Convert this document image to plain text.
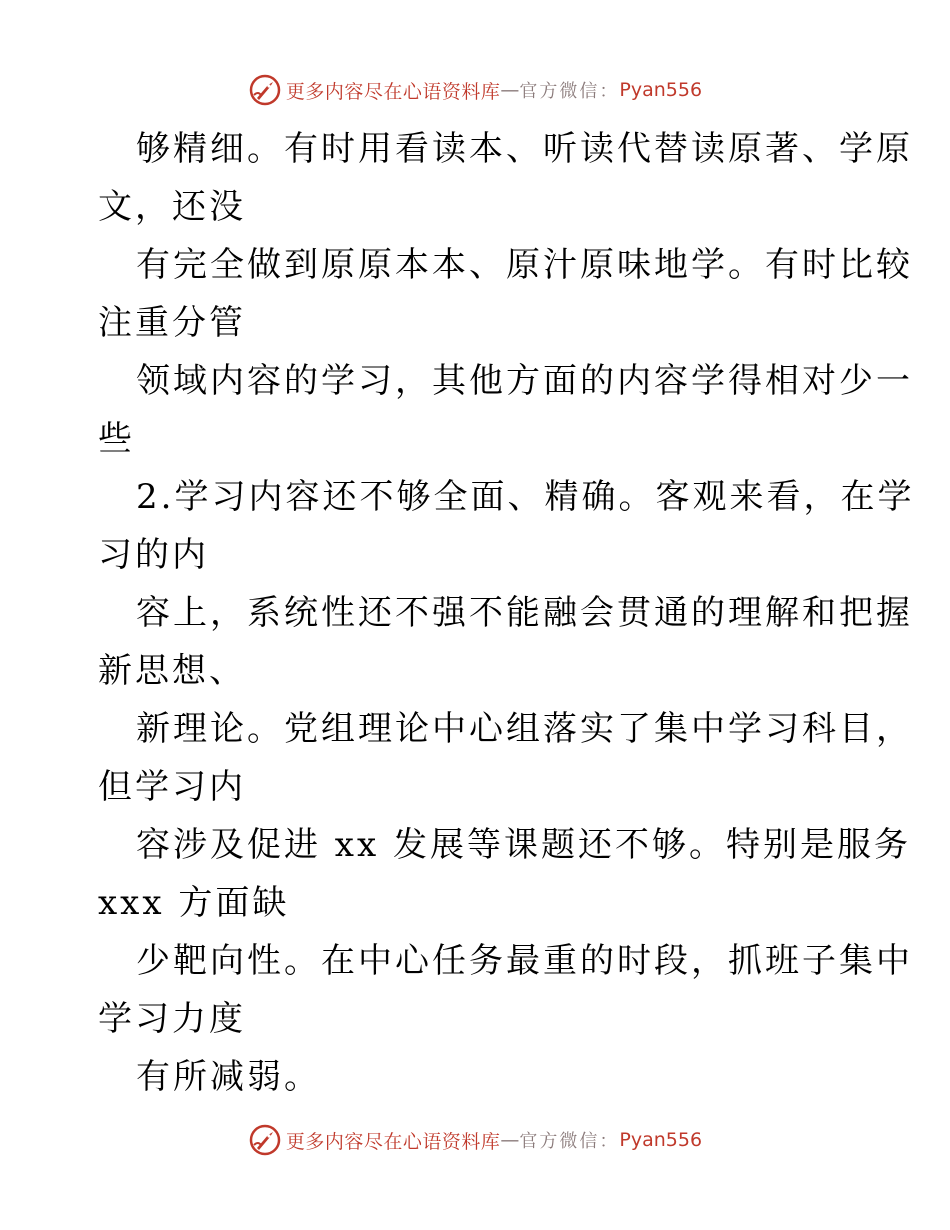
更多内容尽在心语资料库 — 官方微信： Pyan556
够精细。有时用看读本、听读代替读原著、学原
文，还没
有完全做到原原本本、原汁原味地学。有时比较
注重分管
领域内容的学习，其他方面的内容学得相对少一
些
2.学习内容还不够全面、精确。客观来看，在学
习的内
容上，系统性还不强不能融会贯通的理解和把握
新思想、
新理论。党组理论中心组落实了集中学习科目，
但学习内
容涉及促进 xx 发展等课题还不够。特别是服务
xxx 方面缺
少靶向性。在中心任务最重的时段，抓班子集中
学习力度
有所减弱。
更多内容尽在心语资料库 — 官方微信： Pyan556
